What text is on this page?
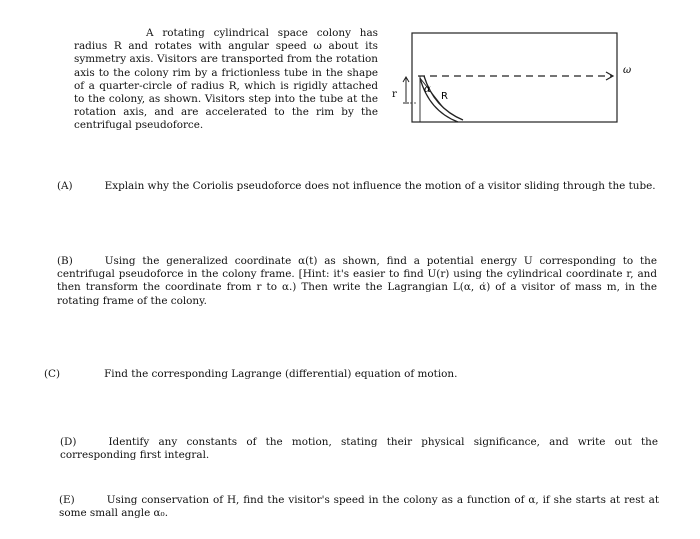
A rotating cylindrical space colony has radius R and rotates with angular speed ω about its symmetry axis. Visitors are transported from the rotation axis to the colony rim by a frictionless tube in the shape of a quarter-circle of radius R, which is rigidly attached to the colony, as shown. Visitors step into the tube at the rotation axis, and are accelerated to the rim by the centrifugal pseudoforce.

ω
r	α
R

(A)	Explain why the Coriolis pseudoforce does not influence the motion of a visitor sliding through the tube.

(B)	Using the generalized coordinate α(t) as shown, find a potential energy U corresponding to the centrifugal pseudoforce in the colony frame. [Hint: it's easier to find U(r) using the cylindrical coordinate r, and then transform the coordinate from r to α.) Then write the Lagrangian L(α, α̇) of a visitor of mass m, in the rotating frame of the colony.

(C)	Find the corresponding Lagrange (differential) equation of motion.

(D)	Identify any constants of the motion, stating their physical significance, and write out the corresponding first integral.

(E)	Using conservation of H, find the visitor's speed in the colony as a function of α, if she starts at rest at some small angle α₀.
